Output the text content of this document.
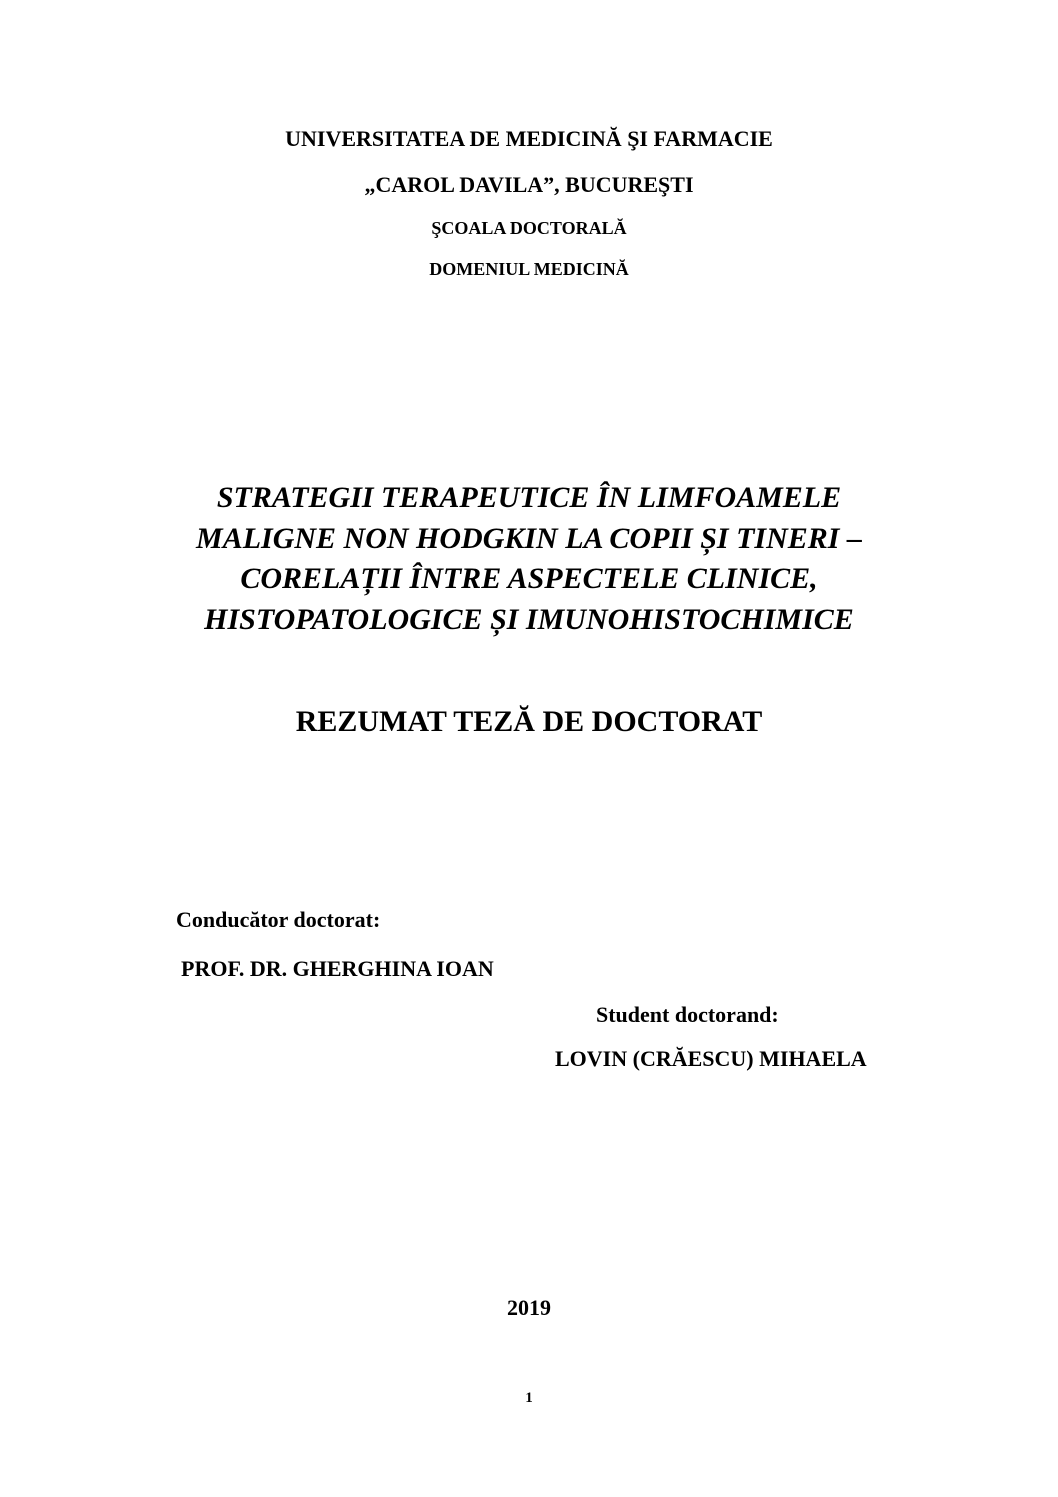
UNIVERSITATEA DE MEDICINĂ ŞI FARMACIE

„CAROL DAVILA”, BUCUREŞTI

ŞCOALA DOCTORALĂ

DOMENIUL MEDICINĂ

STRATEGII TERAPEUTICE ÎN LIMFOAMELE
MALIGNE NON HODGKIN LA COPII ȘI TINERI –
CORELAȚII ÎNTRE ASPECTELE CLINICE,
HISTOPATOLOGICE ȘI IMUNOHISTOCHIMICE

REZUMAT TEZĂ DE DOCTORAT

Conducător doctorat:

PROF. DR. GHERGHINA IOAN

Student doctorand:

LOVIN (CRĂESCU) MIHAELA

2019

1
